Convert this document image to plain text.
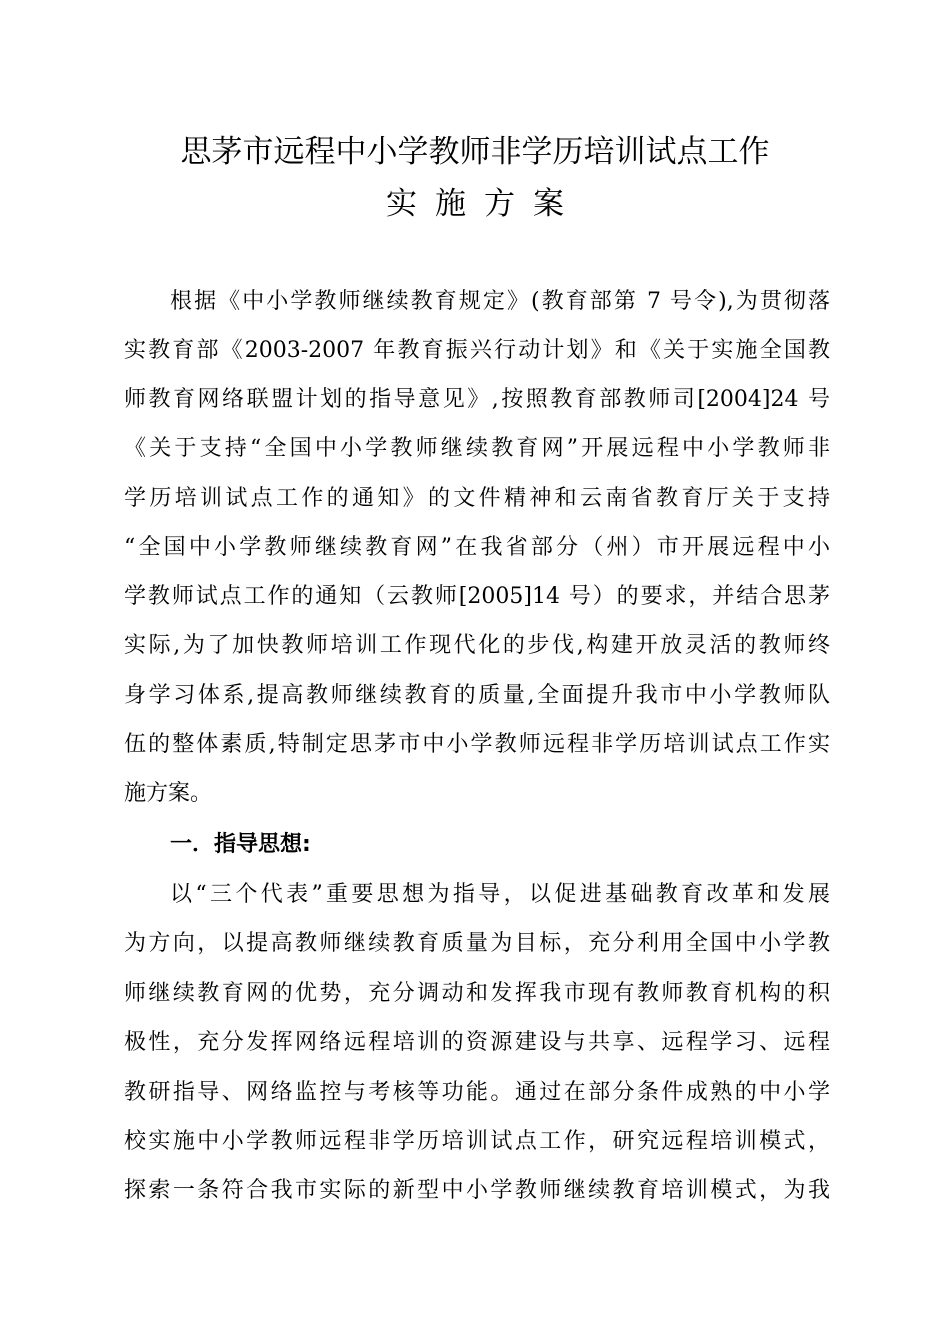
思茅市远程中小学教师非学历培训试点工作
实施方案
根据《中小学教师继续教育规定》(教育部第 7 号令),为贯彻落
实教育部《2003-2007 年教育振兴行动计划》和《关于实施全国教
师教育网络联盟计划的指导意见》,按照教育部教师司[2004]24 号
《关于支持“全国中小学教师继续教育网”开展远程中小学教师非
学历培训试点工作的通知》的文件精神和云南省教育厅关于支持
“全国中小学教师继续教育网”在我省部分（州）市开展远程中小
学教师试点工作的通知（云教师[2005]14 号）的要求，并结合思茅
实际,为了加快教师培训工作现代化的步伐,构建开放灵活的教师终
身学习体系,提高教师继续教育的质量,全面提升我市中小学教师队
伍的整体素质,特制定思茅市中小学教师远程非学历培训试点工作实
施方案。
一．指导思想:
以“三个代表”重要思想为指导，以促进基础教育改革和发展
为方向，以提高教师继续教育质量为目标，充分利用全国中小学教
师继续教育网的优势，充分调动和发挥我市现有教师教育机构的积
极性，充分发挥网络远程培训的资源建设与共享、远程学习、远程
教研指导、网络监控与考核等功能。通过在部分条件成熟的中小学
校实施中小学教师远程非学历培训试点工作，研究远程培训模式，
探索一条符合我市实际的新型中小学教师继续教育培训模式，为我
